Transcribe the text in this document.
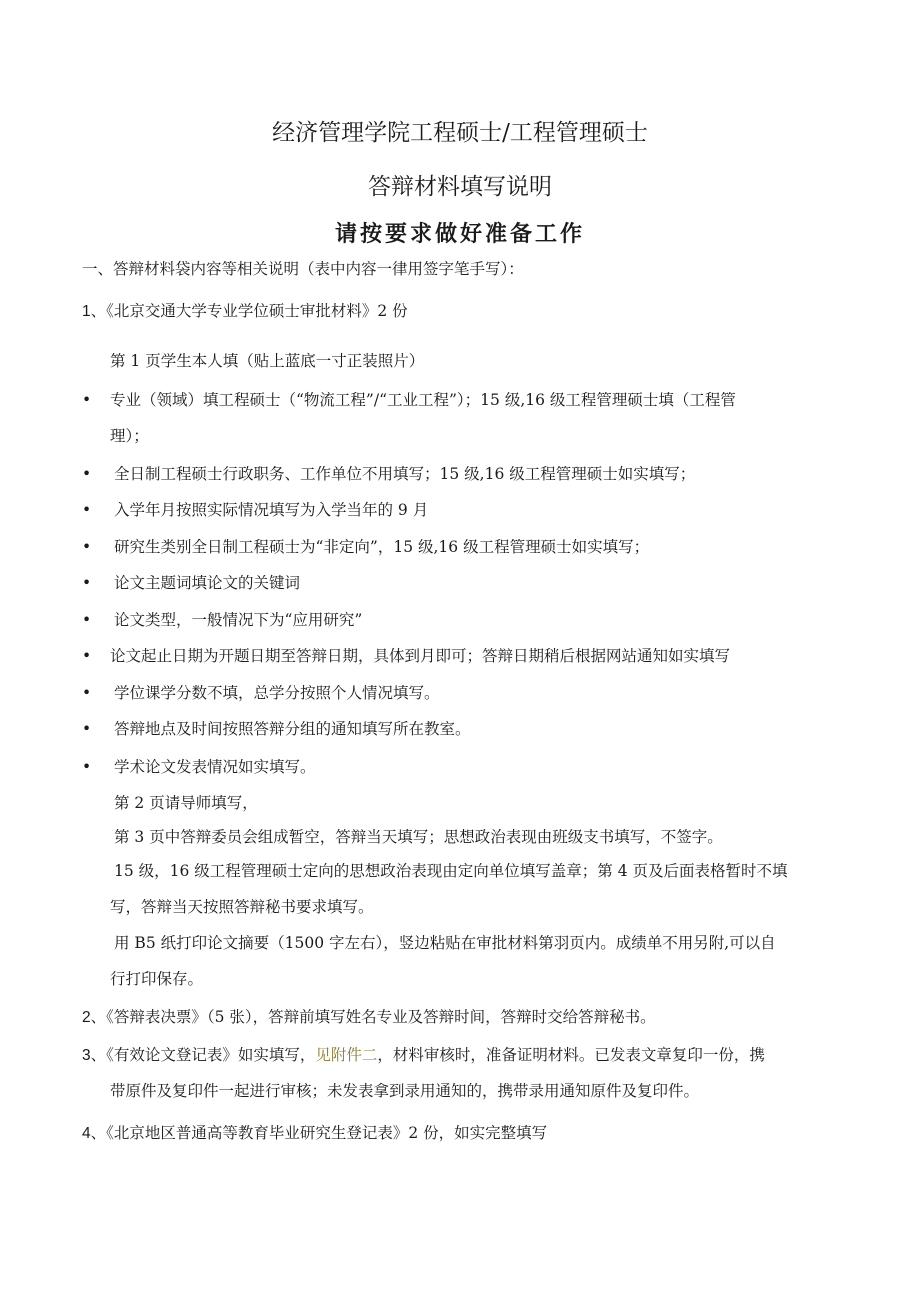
经济管理学院工程硕士/工程管理硕士
答辩材料填写说明
请按要求做好准备工作
一、答辩材料袋内容等相关说明（表中内容一律用签字笔手写）：
1、《北京交通大学专业学位硕士审批材料》2 份
第 1 页学生本人填（贴上蓝底一寸正装照片）
• 专业（领域）填工程硕士（“物流工程”/“工业工程”）；15 级,16 级工程管理硕士填（工程管
理）；
• 全日制工程硕士行政职务、工作单位不用填写；15 级,16 级工程管理硕士如实填写；
• 入学年月按照实际情况填写为入学当年的 9 月
• 研究生类别全日制工程硕士为“非定向”，15 级,16 级工程管理硕士如实填写；
• 论文主题词填论文的关键词
• 论文类型，一般情况下为“应用研究”
• 论文起止日期为开题日期至答辩日期，具体到月即可；答辩日期稍后根据网站通知如实填写
• 学位课学分数不填，总学分按照个人情况填写。
• 答辩地点及时间按照答辩分组的通知填写所在教室。
• 学术论文发表情况如实填写。
第 2 页请导师填写，
第 3 页中答辩委员会组成暂空，答辩当天填写；思想政治表现由班级支书填写，不签字。
15 级，16 级工程管理硕士定向的思想政治表现由定向单位填写盖章；第 4 页及后面表格暂时不填
写，答辩当天按照答辩秘书要求填写。
用 B5 纸打印论文摘要（1500 字左右），竖边粘贴在审批材料第羽页内。成绩单不用另附,可以自
行打印保存。
2、《答辩表决票》（5 张），答辩前填写姓名专业及答辩时间，答辩时交给答辩秘书。
3、《有效论文登记表》如实填写，见附件二，材料审核时，准备证明材料。已发表文章复印一份，携
带原件及复印件一起进行审核；未发表拿到录用通知的，携带录用通知原件及复印件。
4、《北京地区普通高等教育毕业研究生登记表》2 份，如实完整填写
